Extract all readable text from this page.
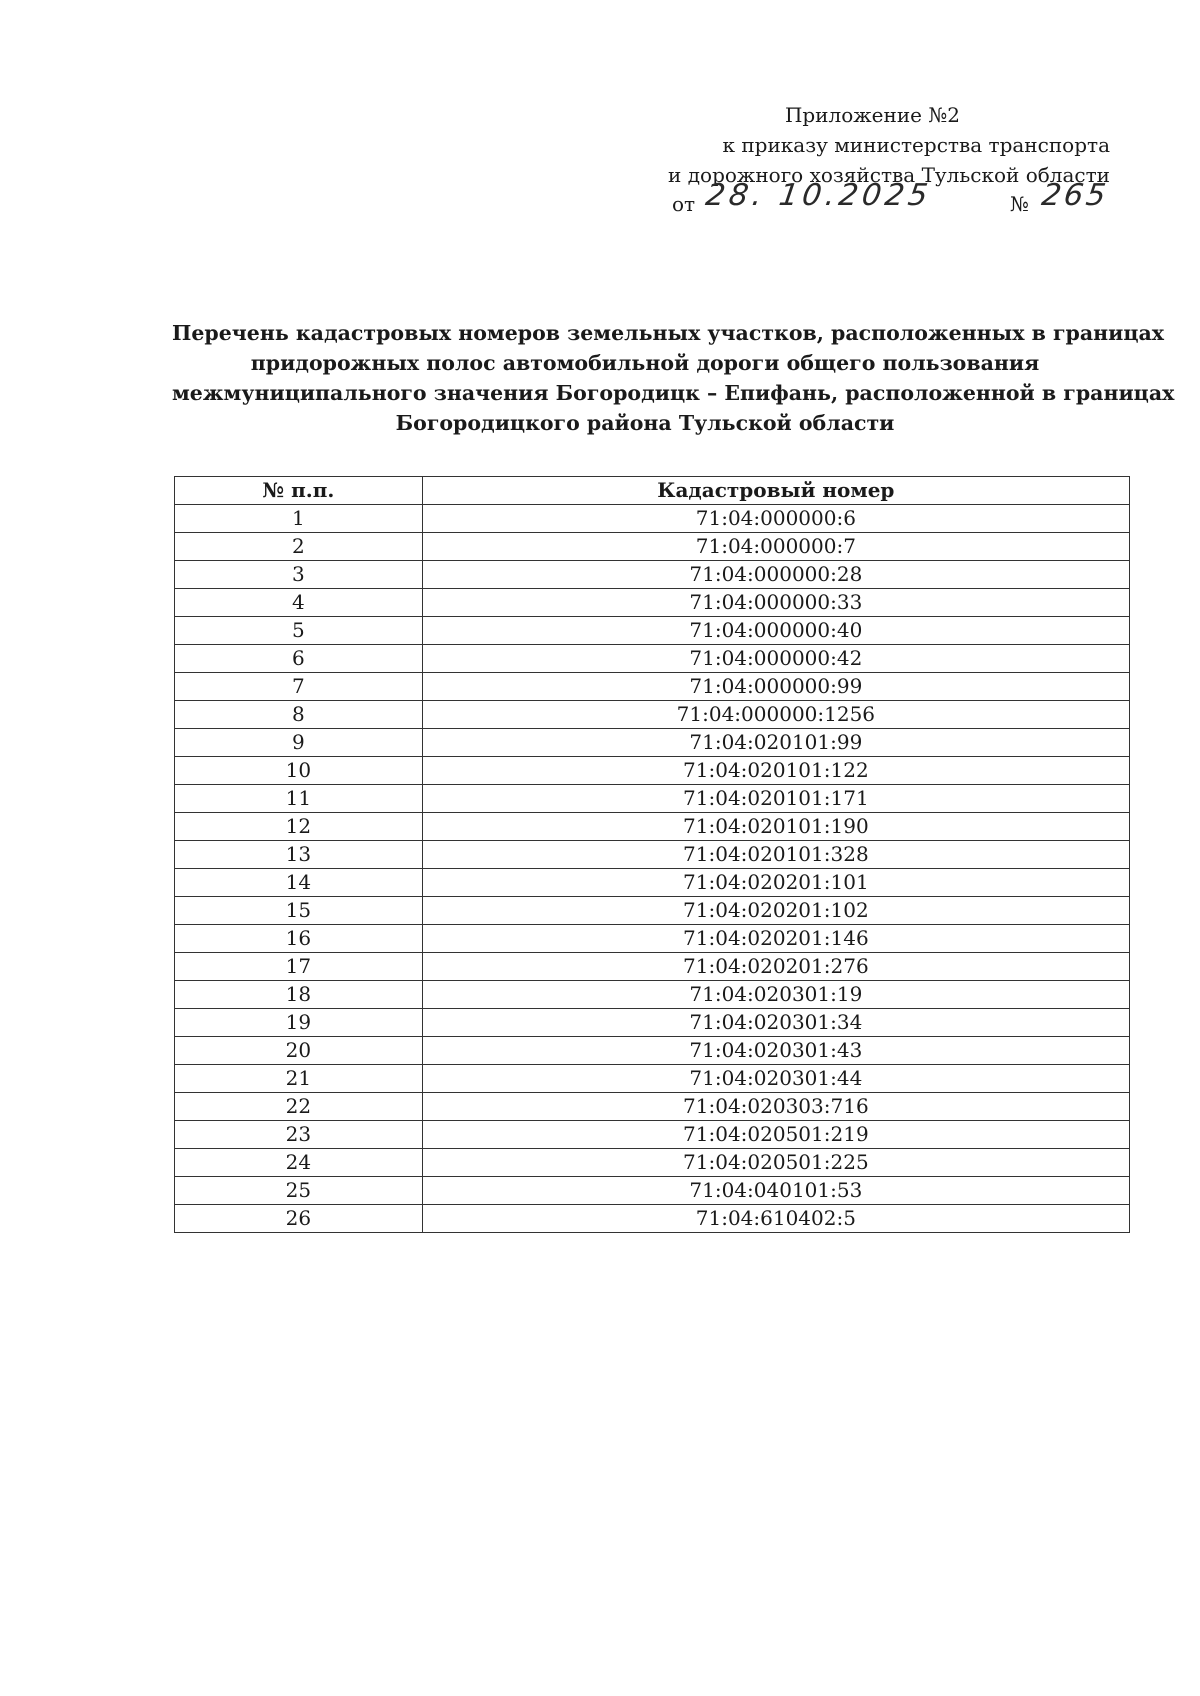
Приложение №2
к приказу министерства транспорта
и дорожного хозяйства Тульской области
от 28. 10.2025	№ 265
Перечень кадастровых номеров земельных участков, расположенных в границах
придорожных полос автомобильной дороги общего пользования
межмуниципального значения Богородицк – Епифань, расположенной в границах
Богородицкого района Тульской области
№ п.п.	Кадастровый номер
1	71:04:000000:6
2	71:04:000000:7
3	71:04:000000:28
4	71:04:000000:33
5	71:04:000000:40
6	71:04:000000:42
7	71:04:000000:99
8	71:04:000000:1256
9	71:04:020101:99
10	71:04:020101:122
11	71:04:020101:171
12	71:04:020101:190
13	71:04:020101:328
14	71:04:020201:101
15	71:04:020201:102
16	71:04:020201:146
17	71:04:020201:276
18	71:04:020301:19
19	71:04:020301:34
20	71:04:020301:43
21	71:04:020301:44
22	71:04:020303:716
23	71:04:020501:219
24	71:04:020501:225
25	71:04:040101:53
26	71:04:610402:5
